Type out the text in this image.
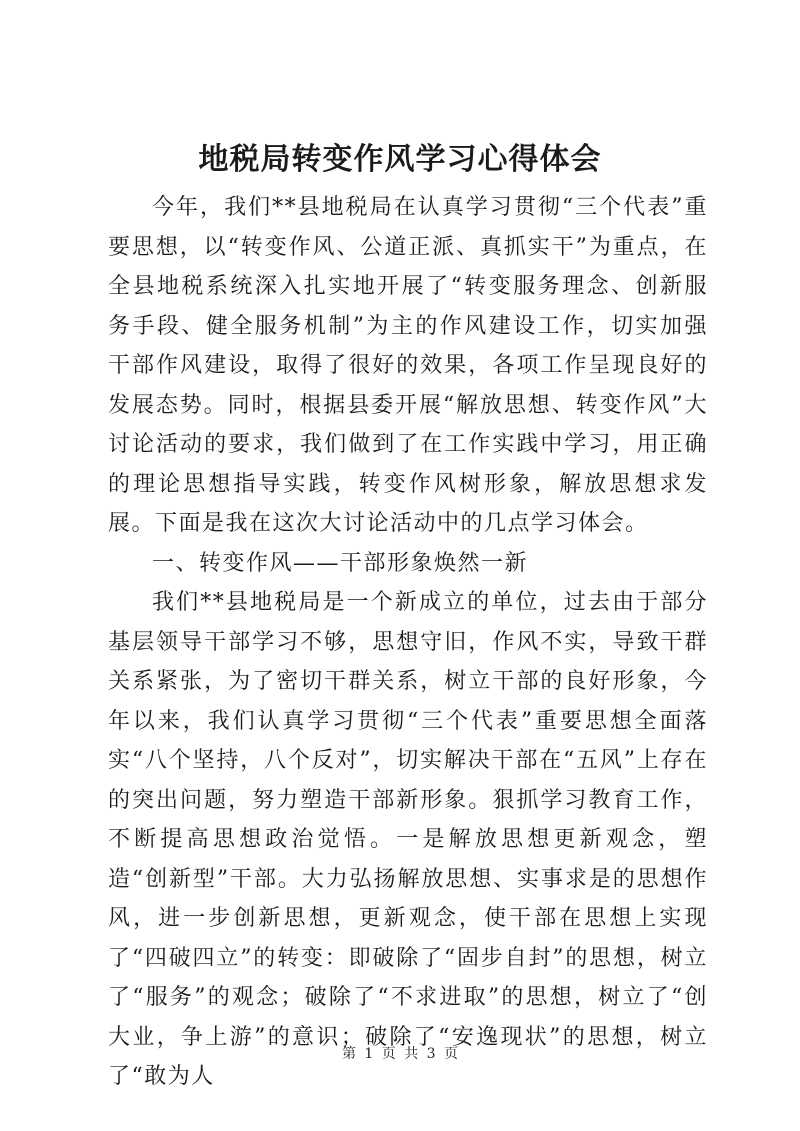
地税局转变作风学习心得体会

今年，我们**县地税局在认真学习贯彻“三个代表”重要思想，以“转变作风、公道正派、真抓实干”为重点，在全县地税系统深入扎实地开展了“转变服务理念、创新服务手段、健全服务机制”为主的作风建设工作，切实加强干部作风建设，取得了很好的效果，各项工作呈现良好的发展态势。同时，根据县委开展“解放思想、转变作风”大讨论活动的要求，我们做到了在工作实践中学习，用正确的理论思想指导实践，转变作风树形象，解放思想求发展。下面是我在这次大讨论活动中的几点学习体会。

一、转变作风——干部形象焕然一新

我们**县地税局是一个新成立的单位，过去由于部分基层领导干部学习不够，思想守旧，作风不实，导致干群关系紧张，为了密切干群关系，树立干部的良好形象，今年以来，我们认真学习贯彻“三个代表”重要思想全面落实“八个坚持，八个反对”，切实解决干部在“五风”上存在的突出问题，努力塑造干部新形象。狠抓学习教育工作，不断提高思想政治觉悟。一是解放思想更新观念，塑造“创新型”干部。大力弘扬解放思想、实事求是的思想作风，进一步创新思想，更新观念，使干部在思想上实现了“四破四立”的转变：即破除了“固步自封”的思想，树立了“服务”的观念；破除了“不求进取”的思想，树立了“创大业，争上游”的意识；破除了“安逸现状”的思想，树立了“敢为人

第 1 页 共 3 页
